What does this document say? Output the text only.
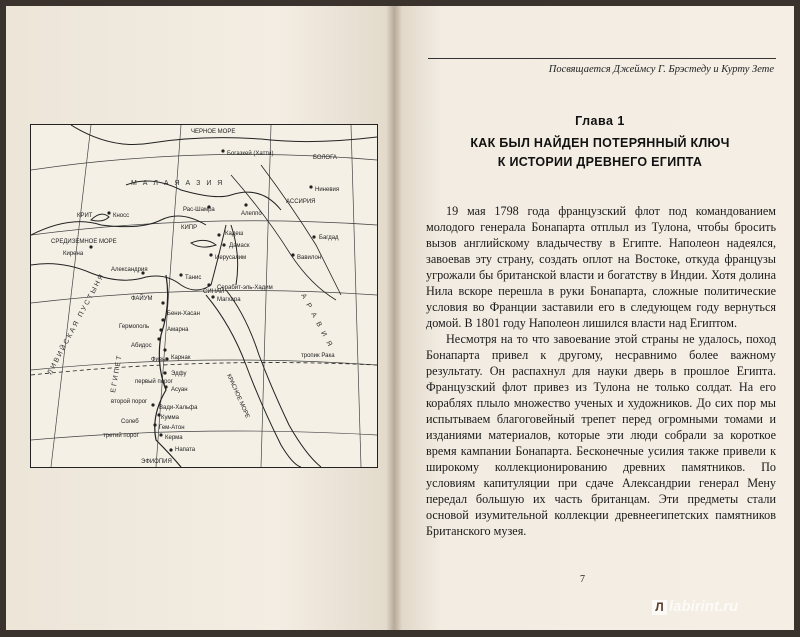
ЧЕРНОЕ МОРЕ
М А Л А Я А З И Я
Богазкей (Хатти)
БОЛОГА
АССИРИЯ
Ниневия
КРИТ	Кносс
КИПР
Рас-Шамра
Алеппо
Багдад
СРЕДИЗЕМНОЕ МОРЕ
Кадеш
Дамаск
Иерусалим	Вавилон
Кирена
Александрия
Танис
СИНАЙ
Серабит-эль-Хадим
Магхара
ФАЙУМ
Бени-Хасан
Амарна
Гермополь
Абидос
Фивы Карнак
Эдфу
первый порог
Асуан
второй порог
Вади-Хальфа
Кумма
Солеб
Гем-Атон
третий порог	Керма
Напата
ЭФИОПИЯ
ЛИВИЙСКАЯ ПУСТЫНЯ ЕГИПЕТ
А Р А В И Я
КРАСНОЕ МОРЕ
тропик Рака
Посвящается Джеймсу Г. Брэстеду и Курту Зете
Глава 1
КАК БЫЛ НАЙДЕН ПОТЕРЯННЫЙ КЛЮЧ
К ИСТОРИИ ДРЕВНЕГО ЕГИПТА

19 мая 1798 года французский флот под командованием молодого генерала Бонапарта отплыл из Тулона, чтобы бросить вызов английскому владычеству в Египте. Наполеон надеялся, завоевав эту страну, создать оплот на Востоке, откуда французы угрожали бы британской власти и богатству в Индии. Хотя долина Нила вскоре перешла в руки Бонапарта, сложные политические условия во Франции заставили его в следующем году вернуться домой. В 1801 году Наполеон лишился власти над Египтом.

Несмотря на то что завоевание этой страны не удалось, поход Бонапарта привел к другому, несравнимо более важному результату. Он распахнул для науки дверь в прошлое Египта. Французский флот привез из Тулона не только солдат. На его кораблях плыло множество ученых и художников. До сих пор мы испытываем благоговейный трепет перед огромными томами и изданиями материалов, которые эти люди собрали за короткое время кампании Бонапарта. Бесконечные усилия также привели к широкому коллекционированию древних памятников. По условиям капитуляции при сдаче Александрии генерал Мену передал большую их часть британцам. Эти предметы стали основой изумительной коллекции древнеегипетских памятников Британского музея.

7
Л labirint.ru
